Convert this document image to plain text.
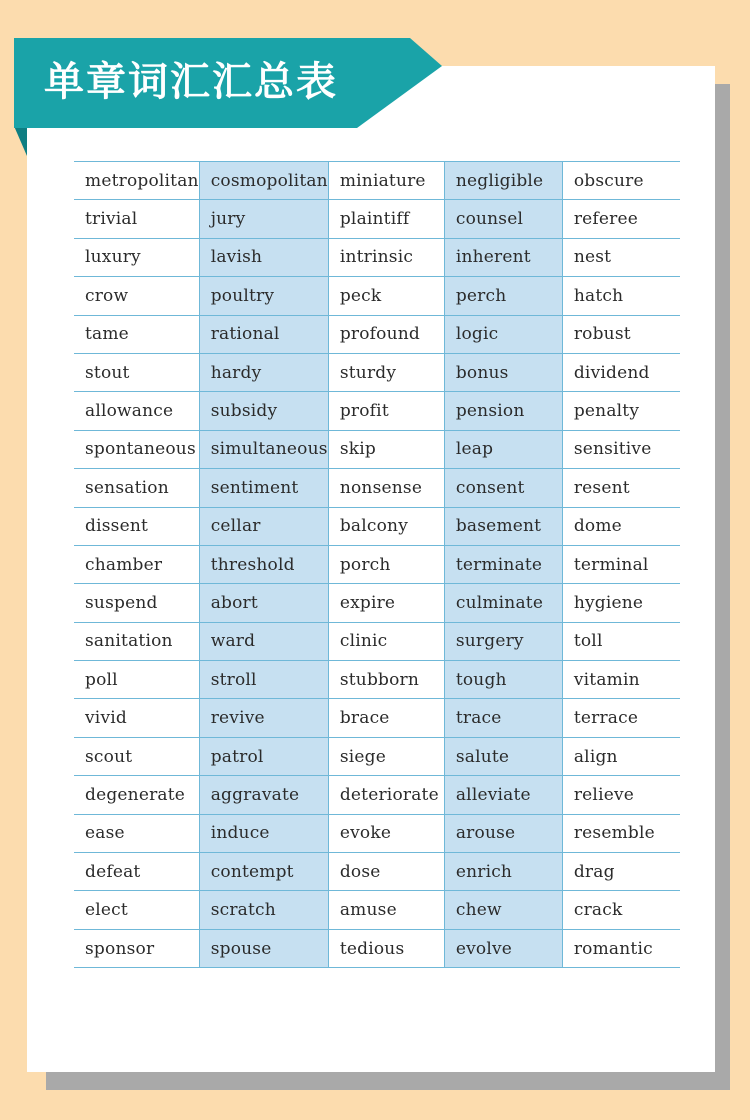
单章词汇汇总表
metropolitan	cosmopolitan	miniature	negligible	obscure
trivial	jury	plaintiff	counsel	referee
luxury	lavish	intrinsic	inherent	nest
crow	poultry	peck	perch	hatch
tame	rational	profound	logic	robust
stout	hardy	sturdy	bonus	dividend
allowance	subsidy	profit	pension	penalty
spontaneous	simultaneous	skip	leap	sensitive
sensation	sentiment	nonsense	consent	resent
dissent	cellar	balcony	basement	dome
chamber	threshold	porch	terminate	terminal
suspend	abort	expire	culminate	hygiene
sanitation	ward	clinic	surgery	toll
poll	stroll	stubborn	tough	vitamin
vivid	revive	brace	trace	terrace
scout	patrol	siege	salute	align
degenerate	aggravate	deteriorate	alleviate	relieve
ease	induce	evoke	arouse	resemble
defeat	contempt	dose	enrich	drag
elect	scratch	amuse	chew	crack
sponsor	spouse	tedious	evolve	romantic
